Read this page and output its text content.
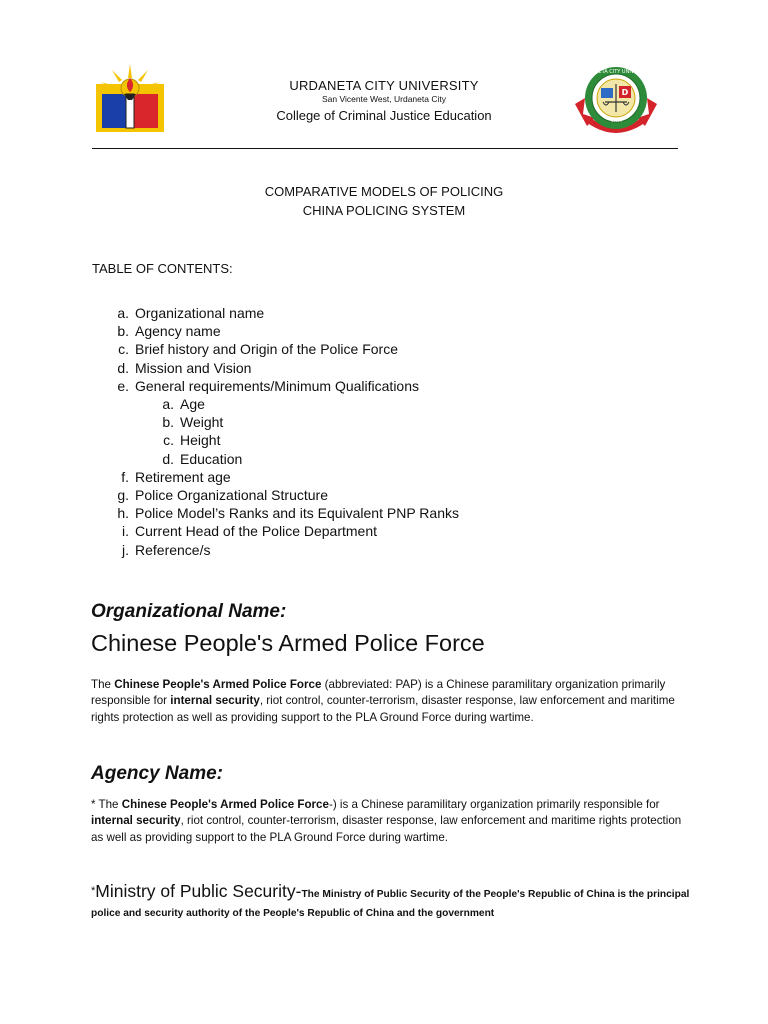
URDANETA CITY UNIVERSITY
San Vicente West, Urdaneta City
College of Criminal Justice Education
URDANETA CITY UNIVERSITY
D
VITA
COMPARATIVE MODELS OF POLICING
CHINA POLICING SYSTEM
TABLE OF CONTENTS:
a. Organizational name
b. Agency name
c. Brief history and Origin of the Police Force
d. Mission and Vision
e. General requirements/Minimum Qualifications
a. Age
b. Weight
c. Height
d. Education
f. Retirement age
g. Police Organizational Structure
h. Police Model’s Ranks and its Equivalent PNP Ranks
i. Current Head of the Police Department
j. Reference/s
Organizational Name:
Chinese People's Armed Police Force
The Chinese People's Armed Police Force (abbreviated: PAP) is a Chinese paramilitary organization primarily responsible for internal security, riot control, counter-terrorism, disaster response, law enforcement and maritime rights protection as well as providing support to the PLA Ground Force during wartime.
Agency Name:
* The Chinese People's Armed Police Force-) is a Chinese paramilitary organization primarily responsible for internal security, riot control, counter-terrorism, disaster response, law enforcement and maritime rights protection as well as providing support to the PLA Ground Force during wartime.
*Ministry of Public Security-The Ministry of Public Security of the People's Republic of China is the principal police and security authority of the People's Republic of China and the government
